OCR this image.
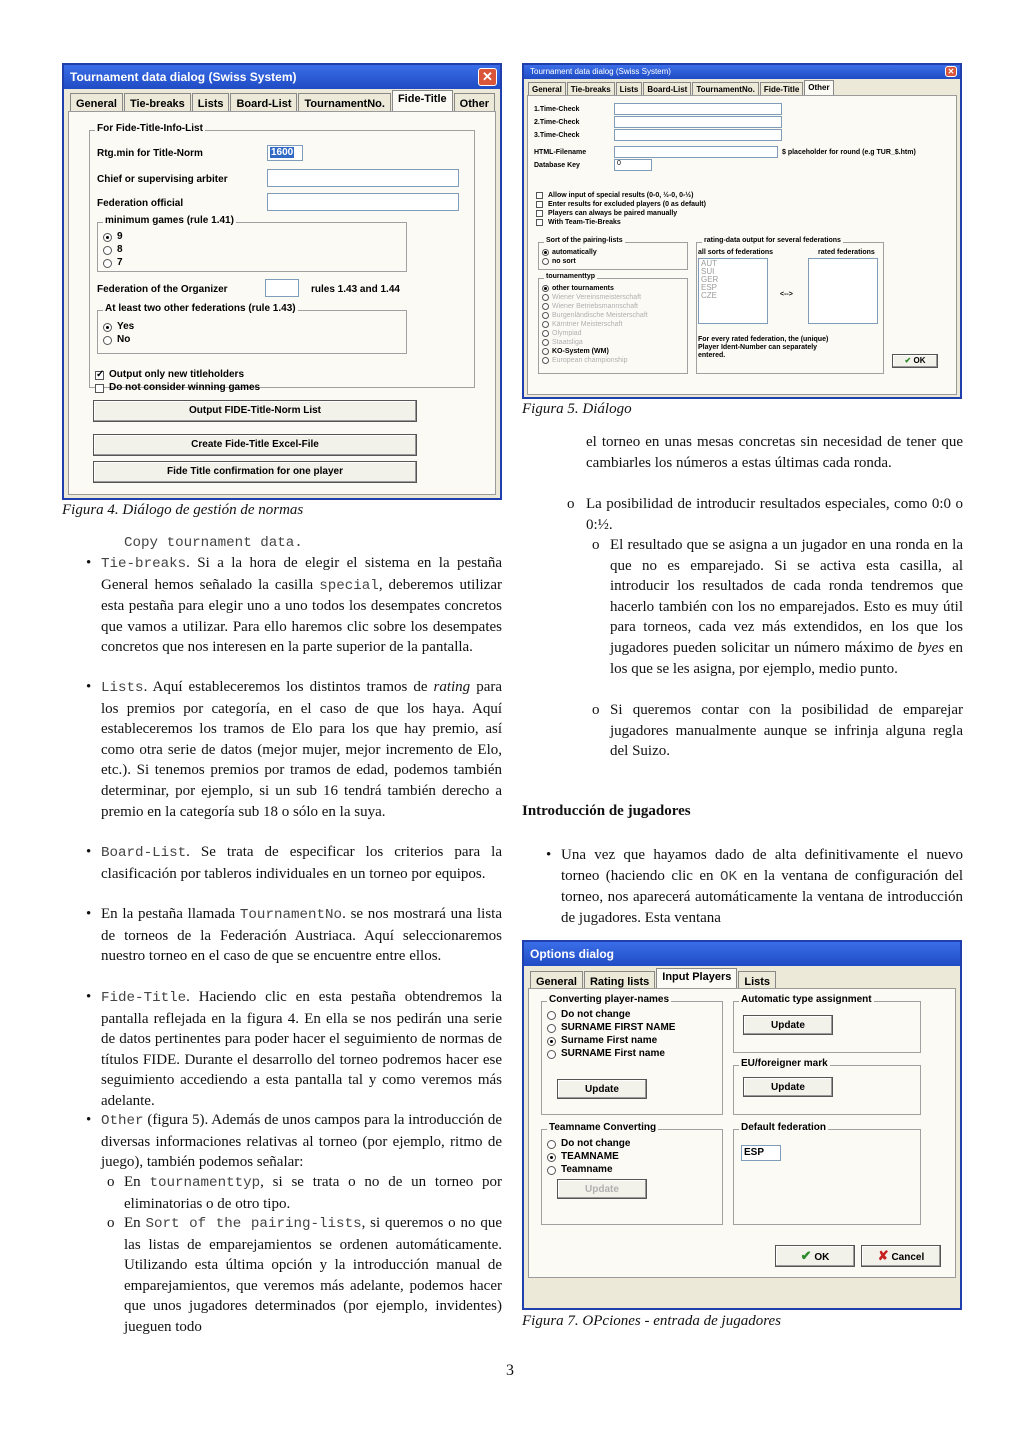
Tournament data dialog (Swiss System)	✕
General	Tie-breaks	Lists	Board-List	TournamentNo.	Fide-Title	Other
For Fide-Title-Info-List
Rtg.min for Title-Norm	1600
Chief or supervising arbiter
Federation official
minimum games (rule 1.41)
9
8
7
Federation of the Organizer	rules 1.43 and 1.44
At least two other federations (rule 1.43)
Yes
No
✓
Output only new titleholders
Do not consider winning games
Output FIDE-Title-Norm List
Create Fide-Title Excel-File
Fide Title confirmation for one player
Figura 4. Diálogo de gestión de normas
Tournament data dialog (Swiss System)	✕
General	Tie-breaks	Lists	Board-List	TournamentNo.	Fide-Title	Other
1.Time-Check
2.Time-Check
3.Time-Check
HTML-Filename	$ placeholder for round (e.g TUR_$.htm)
Database Key	0
Allow input of special results (0-0, ½-0, 0-½)
Enter results for excluded players (0 as default)
Players can always be paired manually
With Team-Tie-Breaks
Sort of the pairing-lists
automatically
no sort
tournamenttyp
other tournaments
Wiener Vereinsmeisterschaft
Wiener Betriebsmannschaft
Burgenländische Meisterschaft
Kärntner Meisterschaft
Olympiad
Staatsliga
KO-System (WM)
European championship
rating-data output for several federations
all sorts of federations	rated federations
AUT
SUI
GER
ESP
CZE	<-->
For every rated federation, the (unique) Player Ident-Number can separately entered.
✔ OK
Figura 5. Diálogo
Options dialog
General	Rating lists	Input Players	Lists
Converting player-names
Do not change
SURNAME FIRST NAME
Surname First name
SURNAME First name
Update
Automatic type assignment
Update
EU/foreigner mark
Update
Teamname Converting
Do not change
TEAMNAME
Teamname
Update
Default federation
ESP
✔ OK	✘ Cancel
Figura 7. OPciones - entrada de jugadores
Copy tournament data.
• Tie-breaks. Si a la hora de elegir el sistema en la pestaña General hemos señalado la casilla special, deberemos utilizar esta pestaña para elegir uno a uno todos los desempates concretos que vamos a utilizar. Para ello haremos clic sobre los desempates concretos que nos interesen en la parte superior de la pantalla.
• Lists. Aquí estableceremos los distintos tramos de rating para los premios por categoría, en el caso de que los haya. Aquí estableceremos los tramos de Elo para los que hay premio, así como otra serie de datos (mejor mujer, mejor incremento de Elo, etc.). Si tenemos premios por tramos de edad, podemos también determinar, por ejemplo, si un sub 16 tendrá también derecho a premio en la categoría sub 18 o sólo en la suya.
• Board-List. Se trata de especificar los criterios para la clasificación por tableros individuales en un torneo por equipos.
• En la pestaña llamada TournamentNo. se nos mostrará una lista de torneos de la Federación Austriaca. Aquí seleccionaremos nuestro torneo en el caso de que se encuentre entre ellos.
• Fide-Title. Haciendo clic en esta pestaña obtendremos la pantalla reflejada en la figura 4. En ella se nos pedirán una serie de datos pertinentes para poder hacer el seguimiento de normas de títulos FIDE. Durante el desarrollo del torneo podremos hacer ese seguimiento accediendo a esta pantalla tal y como veremos más adelante.
• Other (figura 5). Además de unos campos para la introducción de diversas informaciones relativas al torneo (por ejemplo, ritmo de juego), también podemos señalar:
o En tournamenttyp, si se trata o no de un torneo por eliminatorias o de otro tipo.
o En Sort of the pairing-lists, si queremos o no que las listas de emparejamientos se ordenen automáticamente. Utilizando esta última opción y la introducción manual de emparejamientos, que veremos más adelante, podemos hacer que unos jugadores determinados (por ejemplo, invidentes) jueguen todo
el torneo en unas mesas concretas sin necesidad de tener que cambiarles los números a estas últimas cada ronda.
o La posibilidad de introducir resultados especiales, como 0:0 o 0:½.
o El resultado que se asigna a un jugador en una ronda en la que no es emparejado. Si se activa esta casilla, al introducir los resultados de cada ronda tendremos que hacerlo también con los no emparejados. Esto es muy útil para torneos, cada vez más extendidos, en los que los jugadores pueden solicitar un número máximo de byes en los que se les asigna, por ejemplo, medio punto.
o Si queremos contar con la posibilidad de emparejar jugadores manualmente aunque se infrinja alguna regla del Suizo.
Introducción de jugadores
• Una vez que hayamos dado de alta definitivamente el nuevo torneo (haciendo clic en OK en la ventana de configuración del torneo, nos aparecerá automáticamente la ventana de introducción de jugadores. Esta ventana
3
